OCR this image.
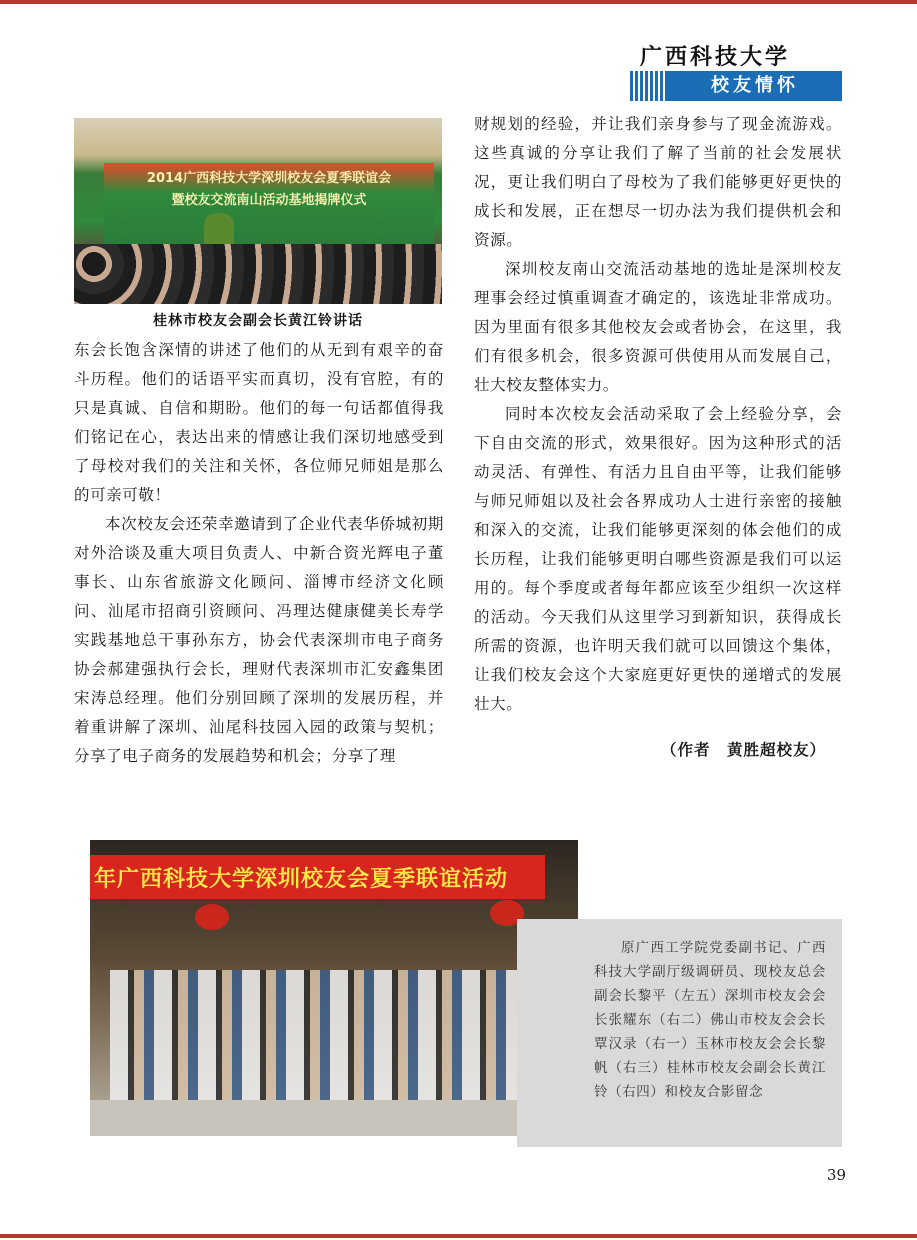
广西科技大学
校友情怀
2014广西科技大学深圳校友会夏季联谊会
暨校友交流南山活动基地揭牌仪式
桂林市校友会副会长黄江铃讲话

东会长饱含深情的讲述了他们的从无到有艰辛的奋斗历程。他们的话语平实而真切，没有官腔，有的只是真诚、自信和期盼。他们的每一句话都值得我们铭记在心，表达出来的情感让我们深切地感受到了母校对我们的关注和关怀，各位师兄师姐是那么的可亲可敬！

本次校友会还荣幸邀请到了企业代表华侨城初期对外洽谈及重大项目负责人、中新合资光辉电子董事长、山东省旅游文化顾问、淄博市经济文化顾问、汕尾市招商引资顾问、冯理达健康健美长寿学实践基地总干事孙东方，协会代表深圳市电子商务协会郝建强执行会长，理财代表深圳市汇安鑫集团宋涛总经理。他们分别回顾了深圳的发展历程，并着重讲解了深圳、汕尾科技园入园的政策与契机；分享了电子商务的发展趋势和机会；分享了理

财规划的经验，并让我们亲身参与了现金流游戏。这些真诚的分享让我们了解了当前的社会发展状况，更让我们明白了母校为了我们能够更好更快的成长和发展，正在想尽一切办法为我们提供机会和资源。

深圳校友南山交流活动基地的选址是深圳校友理事会经过慎重调查才确定的，该选址非常成功。因为里面有很多其他校友会或者协会，在这里，我们有很多机会，很多资源可供使用从而发展自己，壮大校友整体实力。

同时本次校友会活动采取了会上经验分享，会下自由交流的形式，效果很好。因为这种形式的活动灵活、有弹性、有活力且自由平等，让我们能够与师兄师姐以及社会各界成功人士进行亲密的接触和深入的交流，让我们能够更深刻的体会他们的成长历程，让我们能够更明白哪些资源是我们可以运用的。每个季度或者每年都应该至少组织一次这样的活动。今天我们从这里学习到新知识，获得成长所需的资源，也许明天我们就可以回馈这个集体，让我们校友会这个大家庭更好更快的递增式的发展壮大。

（作者　黄胜超校友）
年广西科技大学深圳校友会夏季联谊活动
原广西工学院党委副书记、广西科技大学副厅级调研员、现校友总会副会长黎平（左五）深圳市校友会会长张耀东（右二）佛山市校友会会长覃汉录（右一）玉林市校友会会长黎帆（右三）桂林市校友会副会长黄江铃（右四）和校友合影留念
39
